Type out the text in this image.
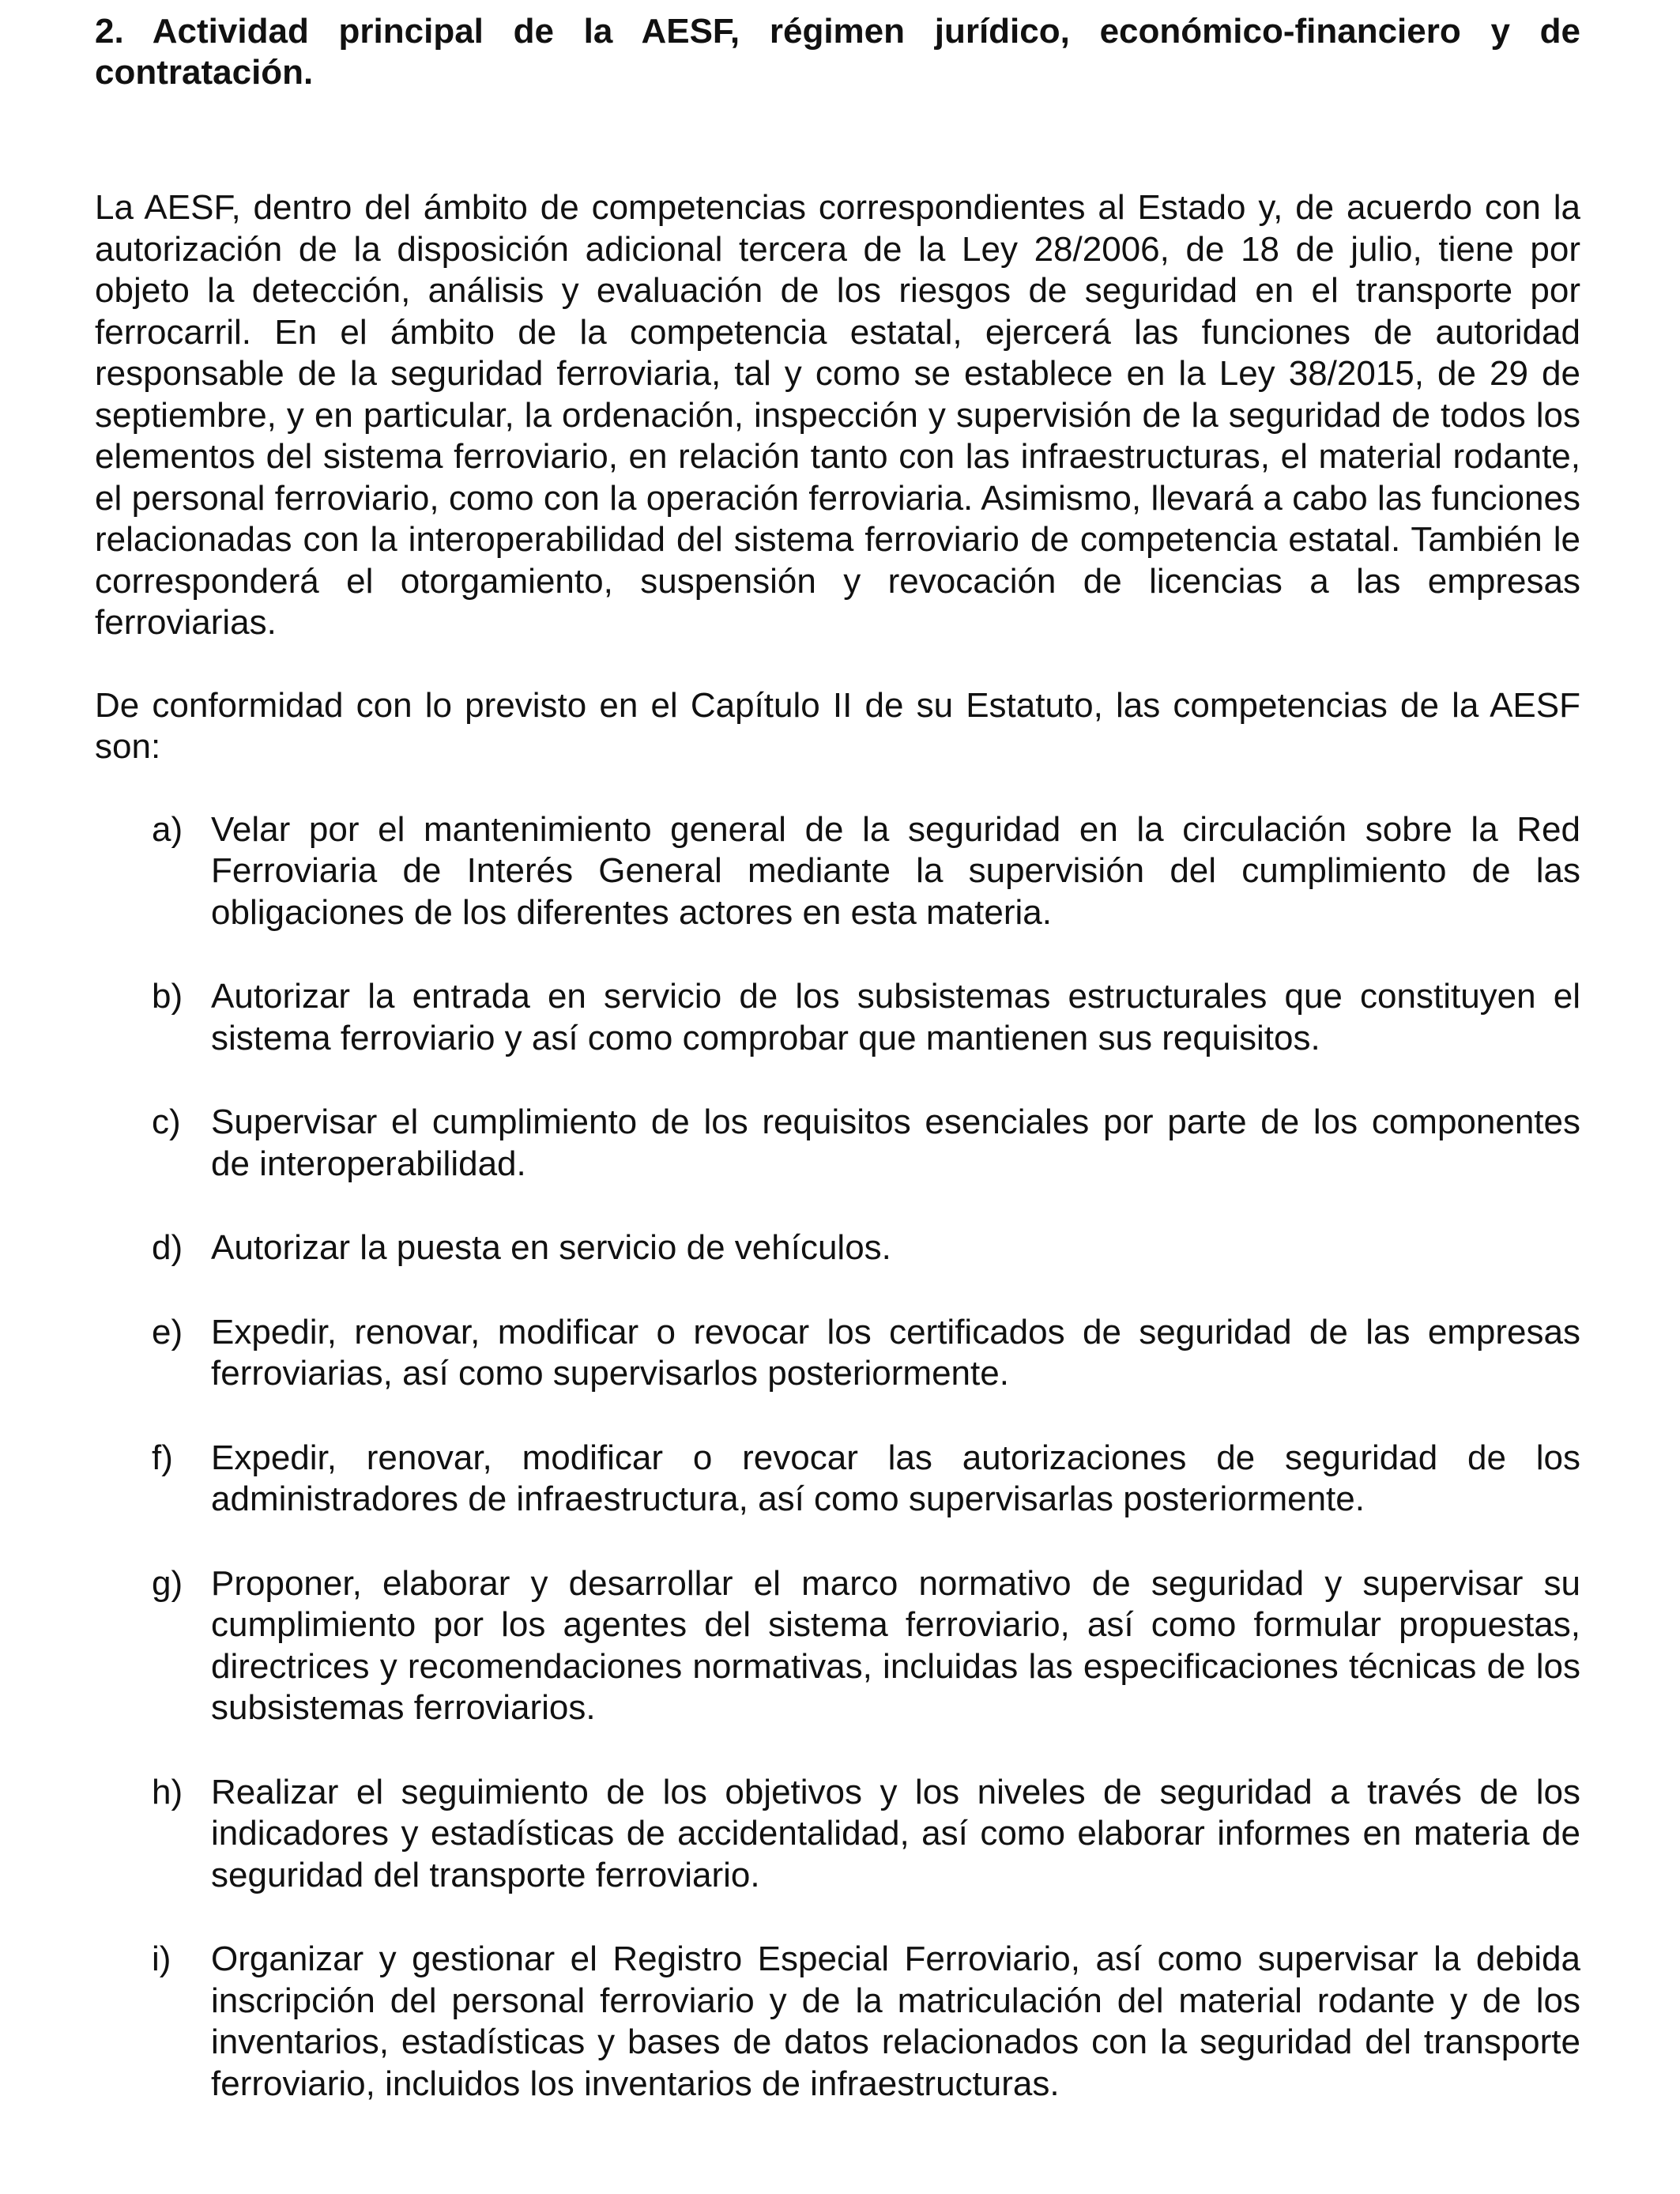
2. Actividad principal de la AESF, régimen jurídico, económico-financiero y de contratación.

La AESF, dentro del ámbito de competencias correspondientes al Estado y, de acuerdo con la autorización de la disposición adicional tercera de la Ley 28/2006, de 18 de julio, tiene por objeto la detección, análisis y evaluación de los riesgos de seguridad en el transporte por ferrocarril. En el ámbito de la competencia estatal, ejercerá las funciones de autoridad responsable de la seguridad ferroviaria, tal y como se establece en la Ley 38/2015, de 29 de septiembre, y en particular, la ordenación, inspección y supervisión de la seguridad de todos los elementos del sistema ferroviario, en relación tanto con las infraestructuras, el material rodante, el personal ferroviario, como con la operación ferroviaria. Asimismo, llevará a cabo las funciones relacionadas con la interoperabilidad del sistema ferroviario de competencia estatal. También le corresponderá el otorgamiento, suspensión y revocación de licencias a las empresas ferroviarias.

De conformidad con lo previsto en el Capítulo II de su Estatuto, las competencias de la AESF son:

a) Velar por el mantenimiento general de la seguridad en la circulación sobre la Red Ferroviaria de Interés General mediante la supervisión del cumplimiento de las obligaciones de los diferentes actores en esta materia.
b) Autorizar la entrada en servicio de los subsistemas estructurales que constituyen el sistema ferroviario y así como comprobar que mantienen sus requisitos.
c) Supervisar el cumplimiento de los requisitos esenciales por parte de los componentes de interoperabilidad.
d) Autorizar la puesta en servicio de vehículos.
e) Expedir, renovar, modificar o revocar los certificados de seguridad de las empresas ferroviarias, así como supervisarlos posteriormente.
f) Expedir, renovar, modificar o revocar las autorizaciones de seguridad de los administradores de infraestructura, así como supervisarlas posteriormente.
g) Proponer, elaborar y desarrollar el marco normativo de seguridad y supervisar su cumplimiento por los agentes del sistema ferroviario, así como formular propuestas, directrices y recomendaciones normativas, incluidas las especificaciones técnicas de los subsistemas ferroviarios.
h) Realizar el seguimiento de los objetivos y los niveles de seguridad a través de los indicadores y estadísticas de accidentalidad, así como elaborar informes en materia de seguridad del transporte ferroviario.
i) Organizar y gestionar el Registro Especial Ferroviario, así como supervisar la debida inscripción del personal ferroviario y de la matriculación del material rodante y de los inventarios, estadísticas y bases de datos relacionados con la seguridad del transporte ferroviario, incluidos los inventarios de infraestructuras.
